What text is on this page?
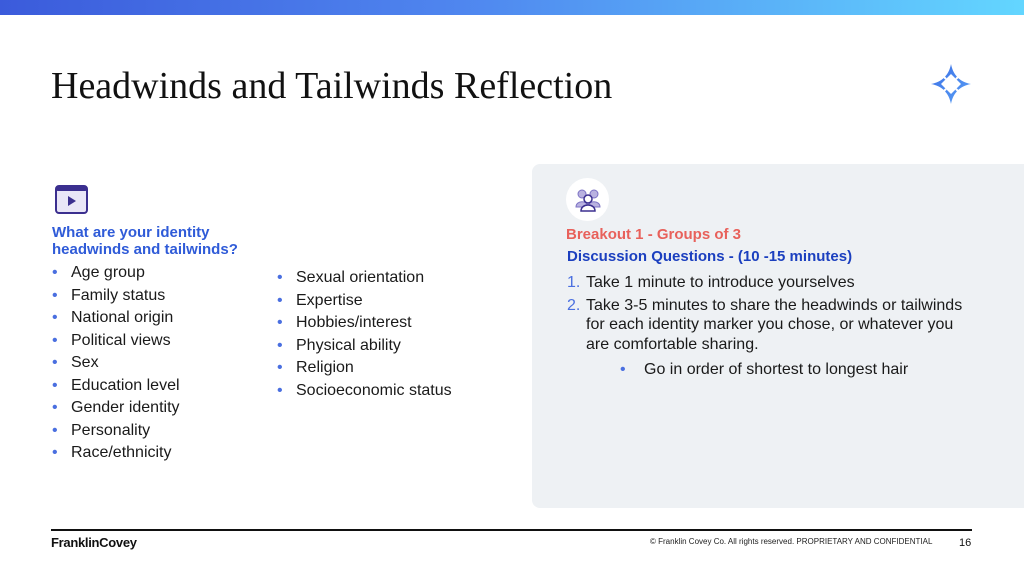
Headwinds and Tailwinds Reflection
What are your identity headwinds and tailwinds?
• Age group
• Family status
• National origin
• Political views
• Sex
• Education level
• Gender identity
• Personality
• Race/ethnicity
• Sexual orientation
• Expertise
• Hobbies/interest
• Physical ability
• Religion
• Socioeconomic status
Breakout 1 - Groups of 3
Discussion Questions - (10 -15 minutes)
1. Take 1 minute to introduce yourselves
2. Take 3-5 minutes to share the headwinds or tailwinds for each identity marker you chose, or whatever you are comfortable sharing.
• Go in order of shortest to longest hair
FranklinCovey	© Franklin Covey Co. All rights reserved. PROPRIETARY AND CONFIDENTIAL 16
